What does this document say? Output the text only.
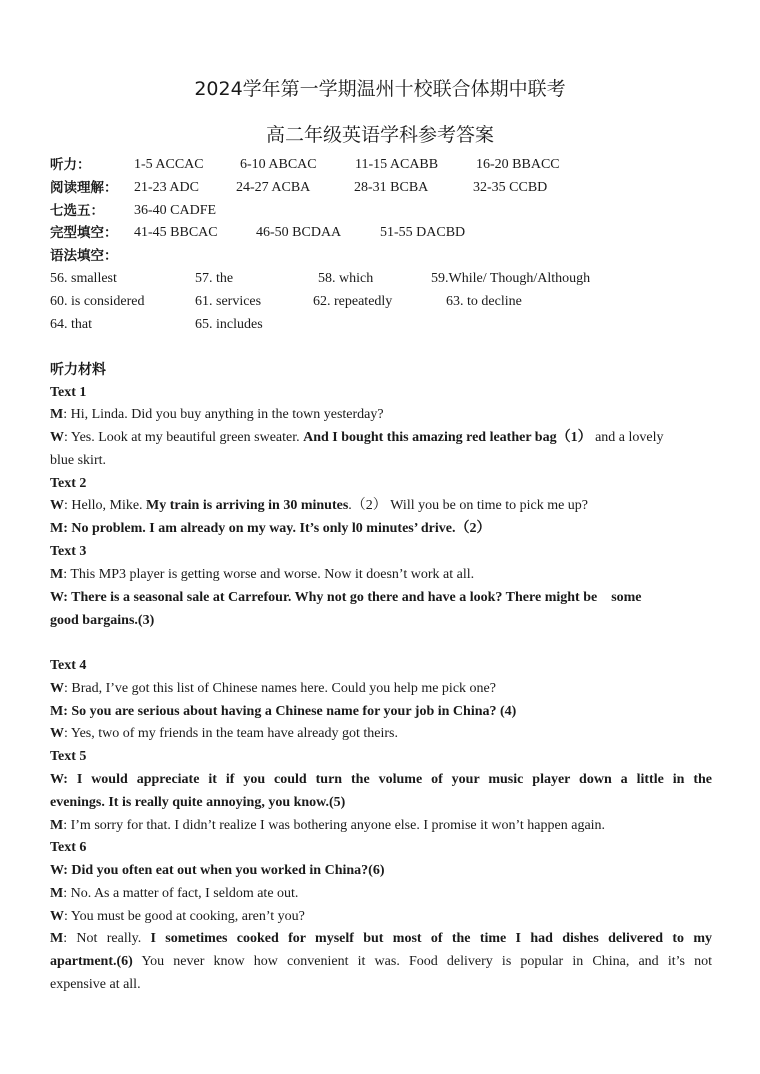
2024学年第一学期温州十校联合体期中联考
高二年级英语学科参考答案
听力：	1-5 ACCAC	6-10 ABCAC	11-15 ACABB	16-20 BBACC
阅读理解： 21-23 ADC	24-27 ACBA	28-31 BCBA	32-35 CCBD
七选五： 36-40 CADFE
完型填空： 41-45 BBCAC	46-50 BCDAA	51-55 DACBD
语法填空：
56. smallest	57. the	58. which	59.While/ Though/Although
60. is considered	61. services	62. repeatedly	63. to decline
64. that	65. includes
听力材料
Text 1
M: Hi, Linda. Did you buy anything in the town yesterday?
W: Yes. Look at my beautiful green sweater. And I bought this amazing red leather bag（1） and a lovely
blue skirt.
Text 2
W: Hello, Mike. My train is arriving in 30 minutes.（2） Will you be on time to pick me up?
M: No problem. I am already on my way. It’s only l0 minutes’ drive.（2）
Text 3
M: This MP3 player is getting worse and worse. Now it doesn’t work at all.
W: There is a seasonal sale at Carrefour. Why not go there and have a look? There might be    some
good bargains.(3)
Text 4
W: Brad, I’ve got this list of Chinese names here. Could you help me pick one?
M: So you are serious about having a Chinese name for your job in China? (4)
W: Yes, two of my friends in the team have already got theirs.
Text 5
W: I would appreciate it if you could turn the volume of your music player down a little in the
evenings. It is really quite annoying, you know.(5)
M: I’m sorry for that. I didn’t realize I was bothering anyone else. I promise it won’t happen again.
Text 6
W: Did you often eat out when you worked in China?(6)
M: No. As a matter of fact, I seldom ate out.
W: You must be good at cooking, aren’t you?
M: Not really. I sometimes cooked for myself but most of the time I had dishes delivered to my
apartment.(6) You never know how convenient it was. Food delivery is popular in China, and it’s not
expensive at all.
